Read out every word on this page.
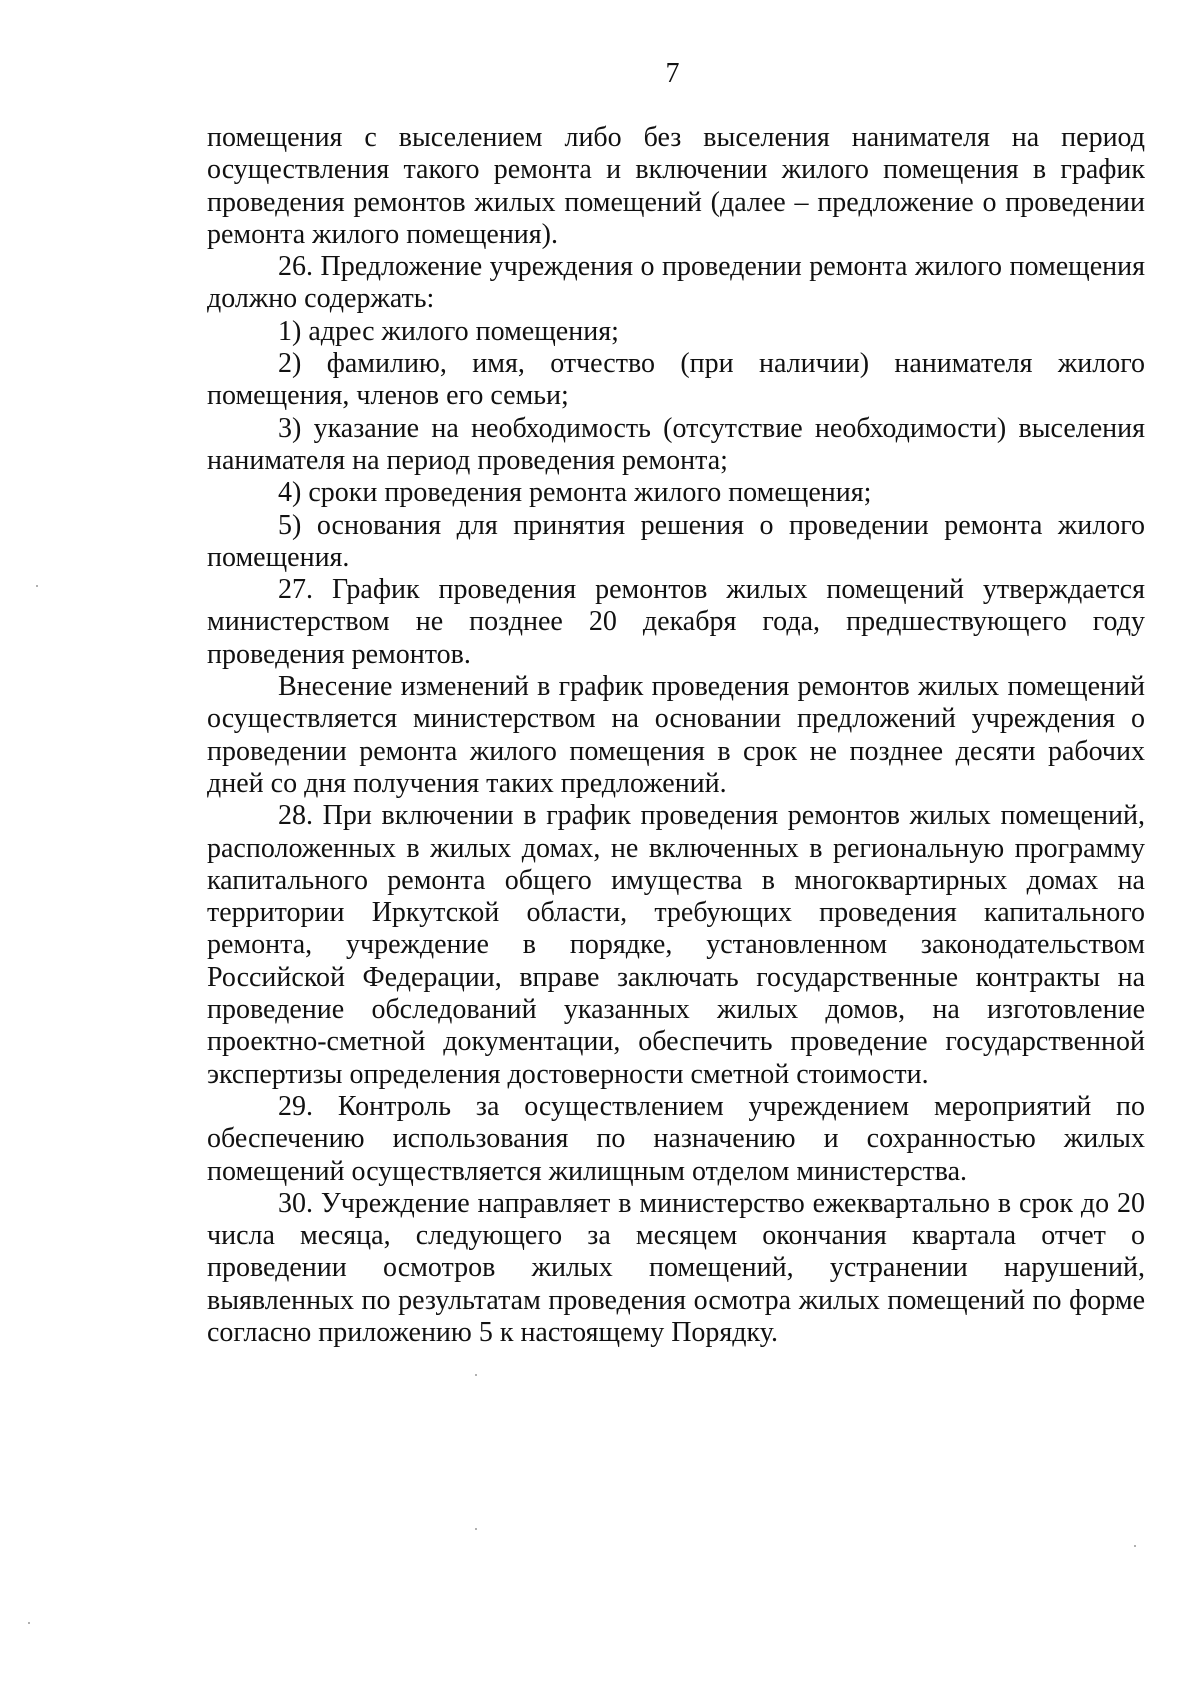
7

помещения с выселением либо без выселения нанимателя на период осуществления такого ремонта и включении жилого помещения в график проведения ремонтов жилых помещений (далее – предложение о проведении ремонта жилого помещения).

26. Предложение учреждения о проведении ремонта жилого помещения должно содержать:

1) адрес жилого помещения;

2) фамилию, имя, отчество (при наличии) нанимателя жилого помещения, членов его семьи;

3) указание на необходимость (отсутствие необходимости) выселения нанимателя на период проведения ремонта;

4) сроки проведения ремонта жилого помещения;

5) основания для принятия решения о проведении ремонта жилого помещения.

27. График проведения ремонтов жилых помещений утверждается министерством не позднее 20 декабря года, предшествующего году проведения ремонтов.

Внесение изменений в график проведения ремонтов жилых помещений осуществляется министерством на основании предложений учреждения о проведении ремонта жилого помещения в срок не позднее десяти рабочих дней со дня получения таких предложений.

28. При включении в график проведения ремонтов жилых помещений, расположенных в жилых домах, не включенных в региональную программу капитального ремонта общего имущества в многоквартирных домах на территории Иркутской области, требующих проведения капитального ремонта, учреждение в порядке, установленном законодательством Российской Федерации, вправе заключать государственные контракты на проведение обследований указанных жилых домов, на изготовление проектно-сметной документации, обеспечить проведение государственной экспертизы определения достоверности сметной стоимости.

29. Контроль за осуществлением учреждением мероприятий по обеспечению использования по назначению и сохранностью жилых помещений осуществляется жилищным отделом министерства.

30. Учреждение направляет в министерство ежеквартально в срок до 20 числа месяца, следующего за месяцем окончания квартала отчет о проведении осмотров жилых помещений, устранении нарушений, выявленных по результатам проведения осмотра жилых помещений по форме согласно приложению 5 к настоящему Порядку.
